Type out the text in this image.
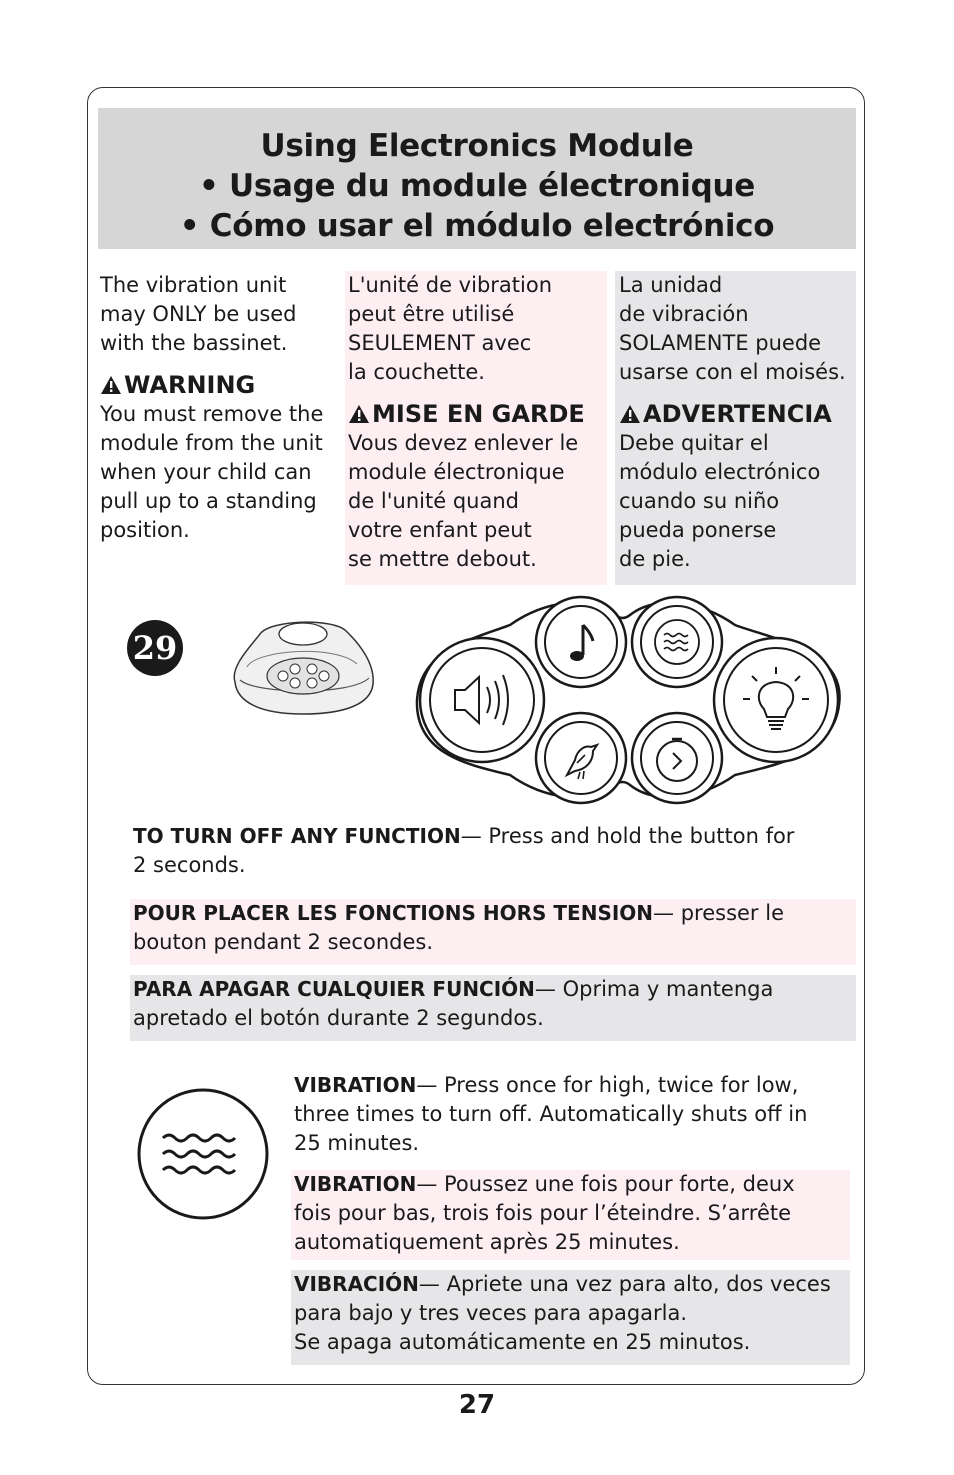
Using Electronics Module
• Usage du module électronique
• Cómo usar el módulo electrónico

The vibration unit

may ONLY be used

with the bassinet.

WARNING

You must remove the

module from the unit

when your child can

pull up to a standing

position.

L'unité de vibration

peut être utilisé

SEULEMENT avec

la couchette.

MISE EN GARDE

Vous devez enlever le

module électronique

de l'unité quand

votre enfant peut

se mettre debout.

La unidad

de vibración

SOLAMENTE puede

usarse con el moisés.

ADVERTENCIA

Debe quitar el

módulo electrónico

cuando su niño

pueda ponerse

de pie.

29
TO TURN OFF ANY FUNCTION— Press and hold the button for
2 seconds.
POUR PLACER LES FONCTIONS HORS TENSION— presser le
bouton pendant 2 secondes.
PARA APAGAR CUALQUIER FUNCIÓN— Oprima y mantenga
apretado el botón durante 2 segundos.
VIBRATION— Press once for high, twice for low,
three times to turn off. Automatically shuts off in
25 minutes.
VIBRATION— Poussez une fois pour forte, deux
fois pour bas, trois fois pour l’éteindre. S’arrête
automatiquement après 25 minutes.
VIBRACIÓN— Apriete una vez para alto, dos veces
para bajo y tres veces para apagarla.
Se apaga automáticamente en 25 minutos.
27
